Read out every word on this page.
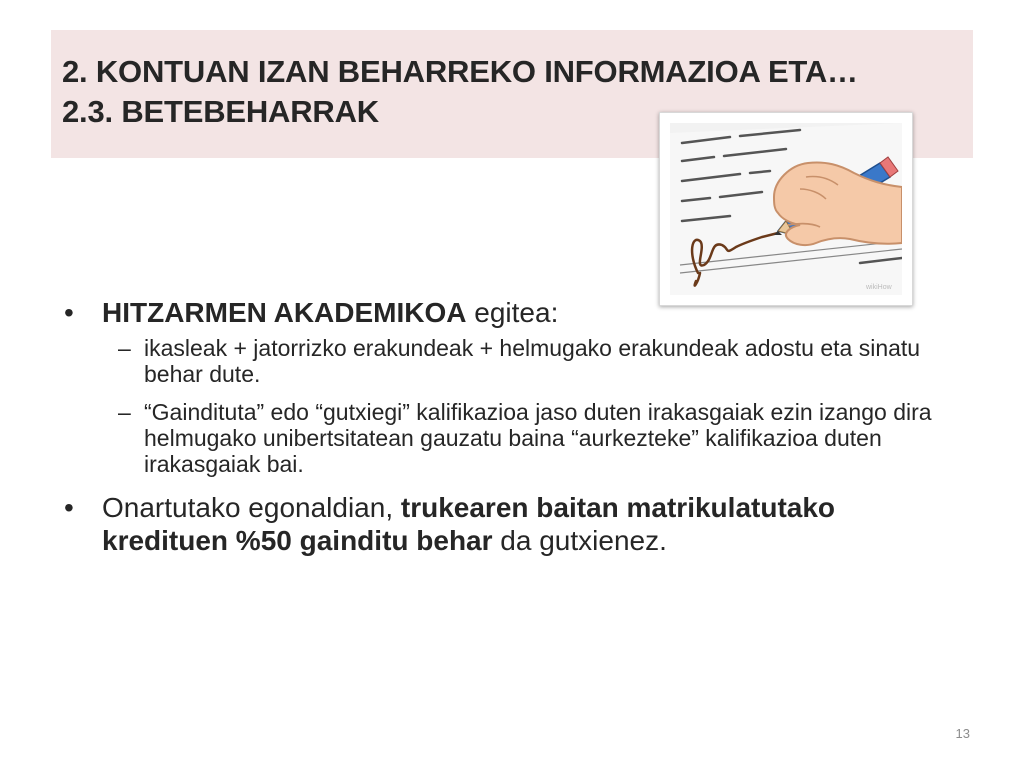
2. KONTUAN IZAN BEHARREKO INFORMAZIOA ETA…
2.3. BETEBEHARRAK
wikiHow
• HITZARMEN AKADEMIKOA egitea:
– ikasleak + jatorrizko erakundeak + helmugako erakundeak adostu eta sinatu behar dute.
– “Gaindituta” edo “gutxiegi” kalifikazioa jaso duten irakasgaiak ezin izango dira helmugako unibertsitatean gauzatu baina “aurkezteke” kalifikazioa duten irakasgaiak bai.
• Onartutako egonaldian, trukearen baitan matrikulatutako kredituen %50 gainditu behar da gutxienez.
13
